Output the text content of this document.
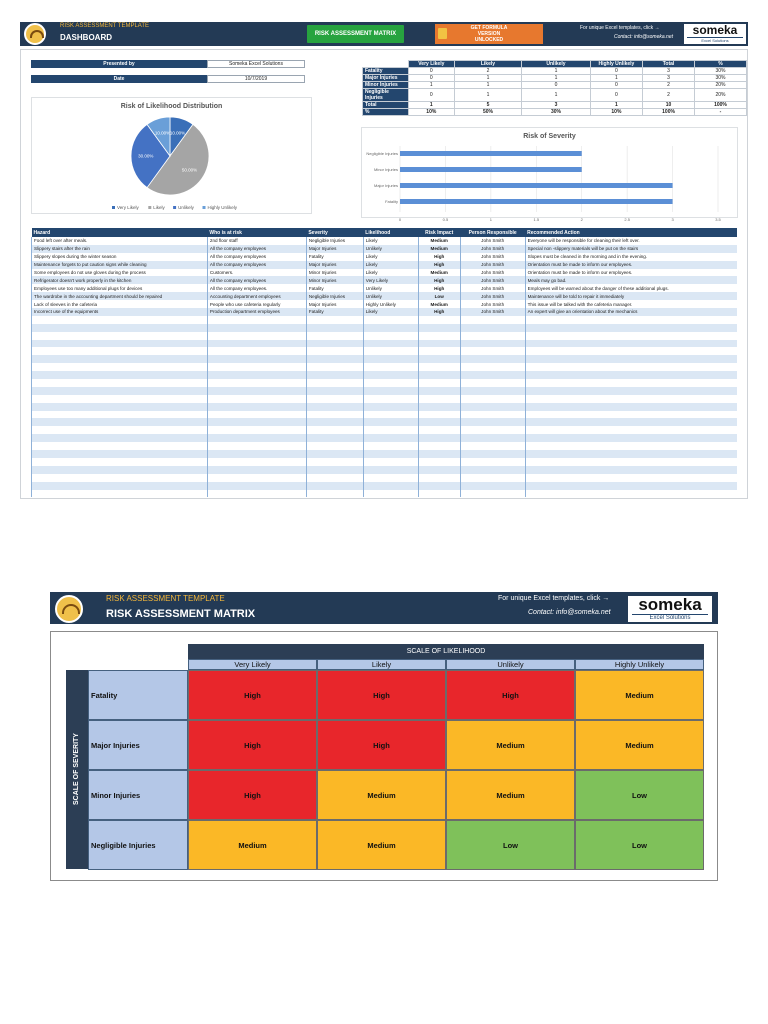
RISK ASSESSMENT TEMPLATE
DASHBOARD	RISK ASSESSMENT MATRIX
GET FORMULA
VERSION
UNLOCKED
For unique Excel templates, click →
Contact: info@someka.net	someka
Excel Solutions
Presented by	Someka Excel Solutions
Date	10/7/2019
	Very Likely	Likely	Unlikely	Highly Unlikely	Total	%
Fatality	0	2	1	0	3	30%
Major Injuries	0	1	1	1	3	30%
Minor Injuries	1	1	0	0	2	20%
Negligible Injuries	0	1	1	0	2	20%
Total	1	5	3	1	10	100%
%	10%	50%	30%	10%	100%	-
Risk of Likelihood Distribution
10.00%
50.00%
30.00%
10.00%
Very Likely	Likely	Unlikely	Highly Unlikely
Risk of Severity
0	0.5	1	1.5	2	2.5	3	3.5
Negligible Injuries
Minor Injuries
Major Injuries
Fatality
Hazard	Who is at risk	Severity	Likelihood	Risk Impact	Person Responsible	Recommended Action
Food left over after meals.	2nd floor staff	Negligible Injuries	Likely	Medium	John Smith	Everyone will be responsible for cleaning their left over.
Slippery stairs after the rain	All the company employees	Major Injuries	Unlikely	Medium	John Smith	Special non -slippery materials will be put on the stairs
Slippery slopes during the winter season	All the company employees	Fatality	Likely	High	John Smith	Slopes must be cleaned in the morning and in the evening.
Maintenance forgets to put caution signs while cleaning	All the company employees	Major Injuries	Likely	High	John Smith	Orientation must be made to inform our employees.
Some employees do not use gloves during the process	Customers.	Minor Injuries	Likely	Medium	John Smith	Orientation must be made to inform our employees.
Refrigerator doesn't work properly in the kitchen	All the company employees	Minor Injuries	Very Likely	High	John Smith	Meals may go bad.
Employees use too many additional plugs for devices	All the company employees.	Fatality	Unlikely	High	John Smith	Employees will be warned about the danger of these additional plugs.
The wardrobe in the accounting department should be repaired	Accounting department employees	Negligible Injuries	Unlikely	Low	John Smith	Maintenance will be told to repair it immediately
Lack of sleeves in the cafeteria	People who use cafeteria regularly	Major Injuries	Highly Unlikely	Medium	John Smith	This issue will be talked with the cafeteria manager.
Incorrect use of the equipments	Production department employees	Fatality	Likely	High	John Smith	An expert will give an orientation about the mechanics

RISK ASSESSMENT TEMPLATE
RISK ASSESSMENT MATRIX
For unique Excel templates, click →
Contact: info@someka.net	someka
Excel Solutions
SCALE OF LIKELIHOOD
SCALE OF SEVERITY
Very Likely	Likely	Unlikely	Highly Unlikely
Fatality	High	High	High	Medium
Major Injuries	High	High	Medium	Medium
Minor Injuries	High	Medium	Medium	Low
Negligible Injuries	Medium	Medium	Low	Low
